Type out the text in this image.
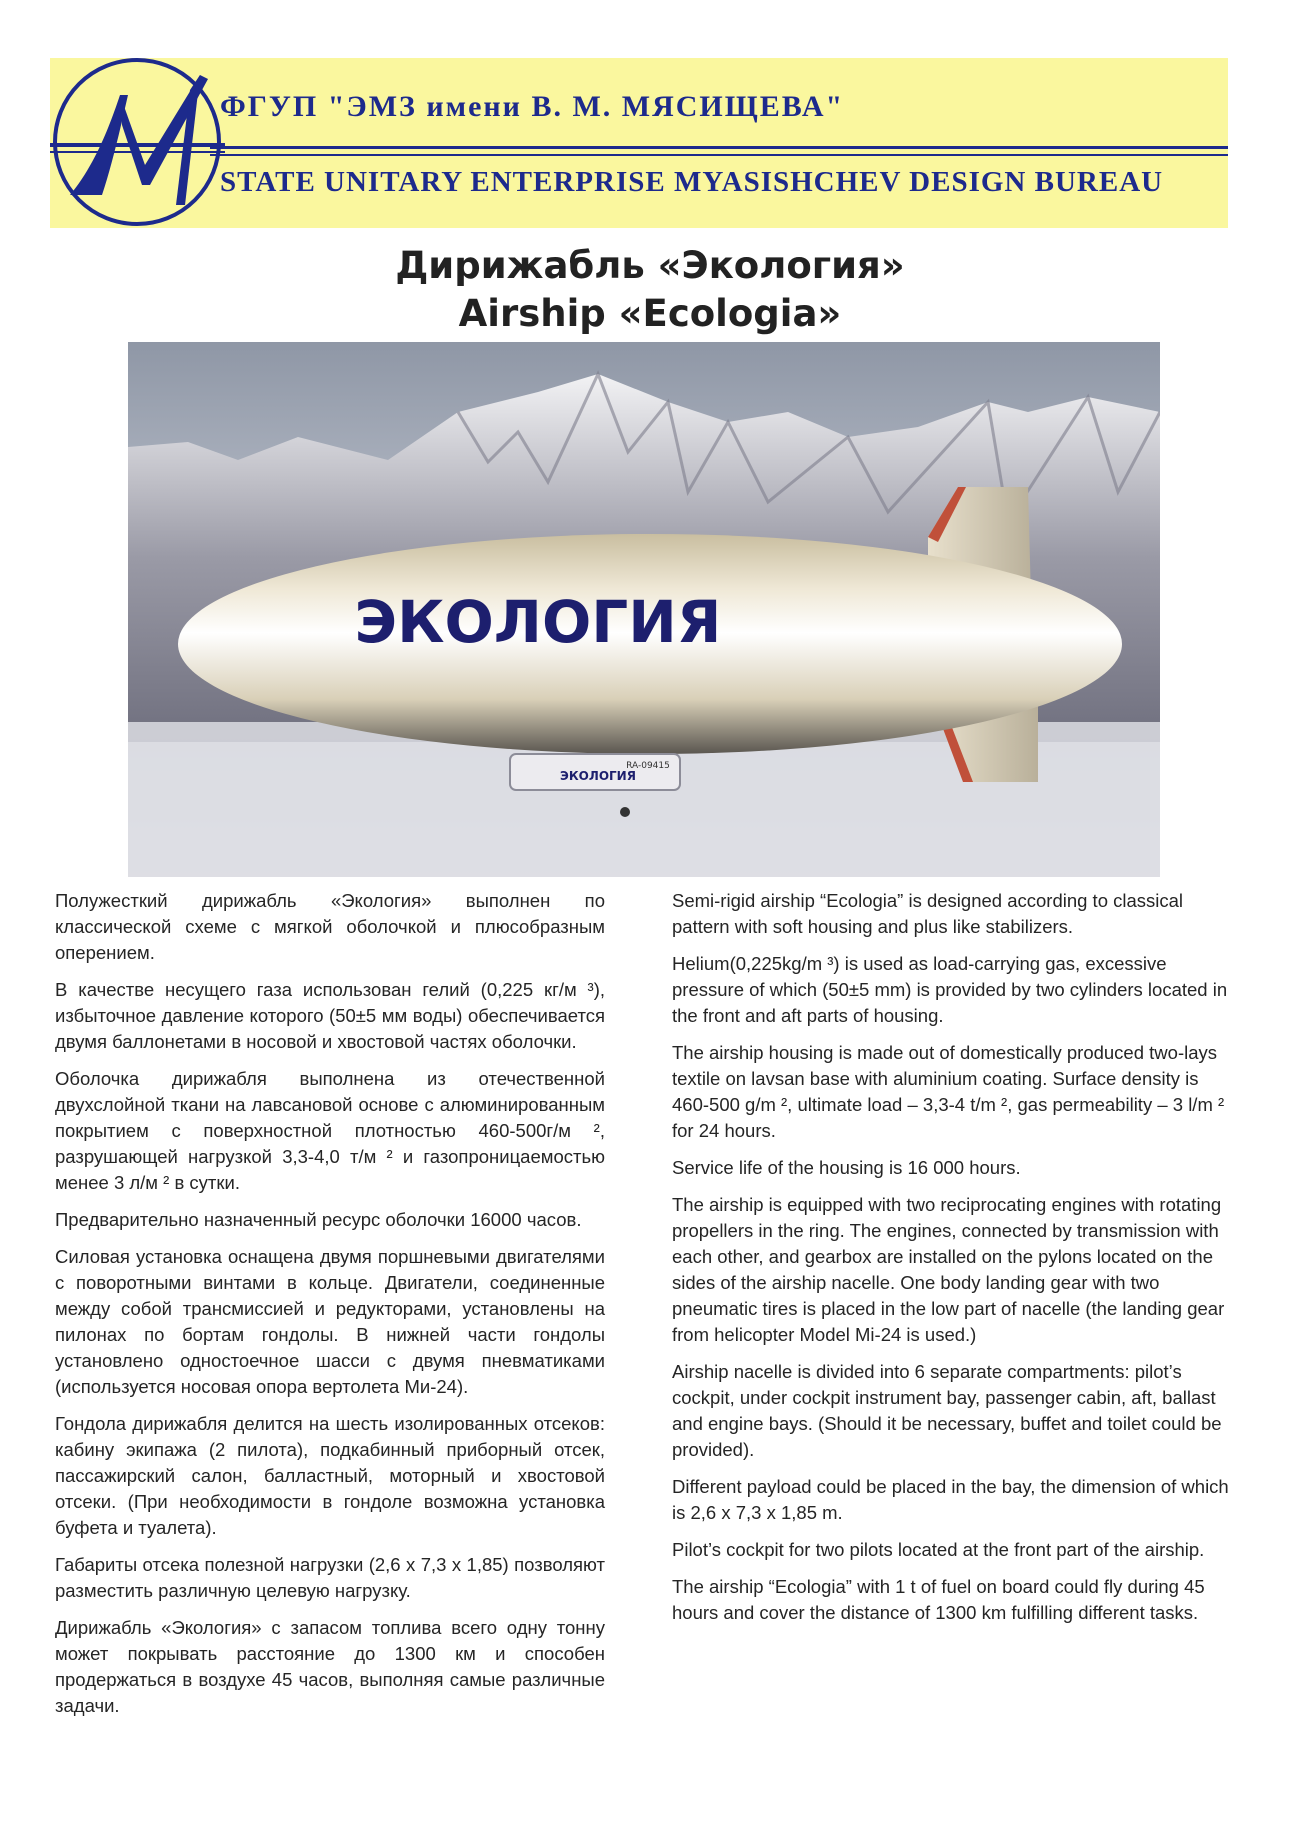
ФГУП "ЭМЗ имени В. М. МЯСИЩЕВА"
STATE UNITARY ENTERPRISE MYASISHCHEV DESIGN BUREAU
Дирижабль «Экология»
Airship «Ecologia»
ЭКОЛОГИЯ
ЭКОЛОГИЯ
RA-09415

Полужесткий дирижабль «Экология» выполнен по классической схеме с мягкой оболочкой и плюсобразным оперением.

В качестве несущего газа использован гелий (0,225 кг/м ³), избыточное давление которого (50±5 мм воды) обеспечивается двумя баллонетами в носовой и хвостовой частях оболочки.

Оболочка дирижабля выполнена из отечественной двухслойной ткани на лавсановой основе с алюминированным покрытием с поверхностной плотностью 460-500г/м ², разрушающей нагрузкой 3,3-4,0 т/м ² и газопроницаемостью менее 3 л/м ² в сутки.

Предварительно назначенный ресурс оболочки 16000 часов.

Силовая установка оснащена двумя поршневыми двигателями с поворотными винтами в кольце. Двигатели, соединенные между собой трансмиссией и редукторами, установлены на пилонах по бортам гондолы. В нижней части гондолы установлено одностоечное шасси с двумя пневматиками (используется носовая опора вертолета Ми-24).

Гондола дирижабля делится на шесть изолированных отсеков: кабину экипажа (2 пилота), подкабинный приборный отсек, пассажирский салон, балластный, моторный и хвостовой отсеки. (При необходимости в гондоле возможна установка буфета и туалета).

Габариты отсека полезной нагрузки (2,6 х 7,3 х 1,85) позволяют разместить различную целевую нагрузку.

Дирижабль «Экология» с запасом топлива всего одну тонну может покрывать расстояние до 1300 км и способен продержаться в воздухе 45 часов, выполняя самые различные задачи.

Semi-rigid airship “Ecologia” is designed according to classical pattern with soft housing and plus like stabilizers.

Helium(0,225kg/m ³) is used as load-carrying gas, excessive pressure of which (50±5 mm) is provided by two cylinders located in the front and aft parts of housing.

The airship housing is made out of domestically produced two-lays textile on lavsan base with aluminium coating. Surface density is 460-500 g/m ², ultimate load – 3,3-4 t/m ², gas permeability – 3 l/m ² for 24 hours.

Service life of the housing is 16 000 hours.

The airship is equipped with two reciprocating engines with rotating propellers in the ring. The engines, connected by transmission with each other, and gearbox are installed on the pylons located on the sides of the airship nacelle. One body landing gear with two pneumatic tires is placed in the low part of nacelle (the landing gear from helicopter Model Mi-24 is used.)

Airship nacelle is divided into 6 separate compartments: pilot’s cockpit, under cockpit instrument bay, passenger cabin, aft, ballast and engine bays. (Should it be necessary, buffet and toilet could be provided).

Different payload could be placed in the bay, the dimension of which is 2,6 x 7,3 x 1,85 m.

Pilot’s cockpit for two pilots located at the front part of the airship.

The airship “Ecologia” with 1 t of fuel on board could fly during 45 hours and cover the distance of 1300 km fulfilling different tasks.
